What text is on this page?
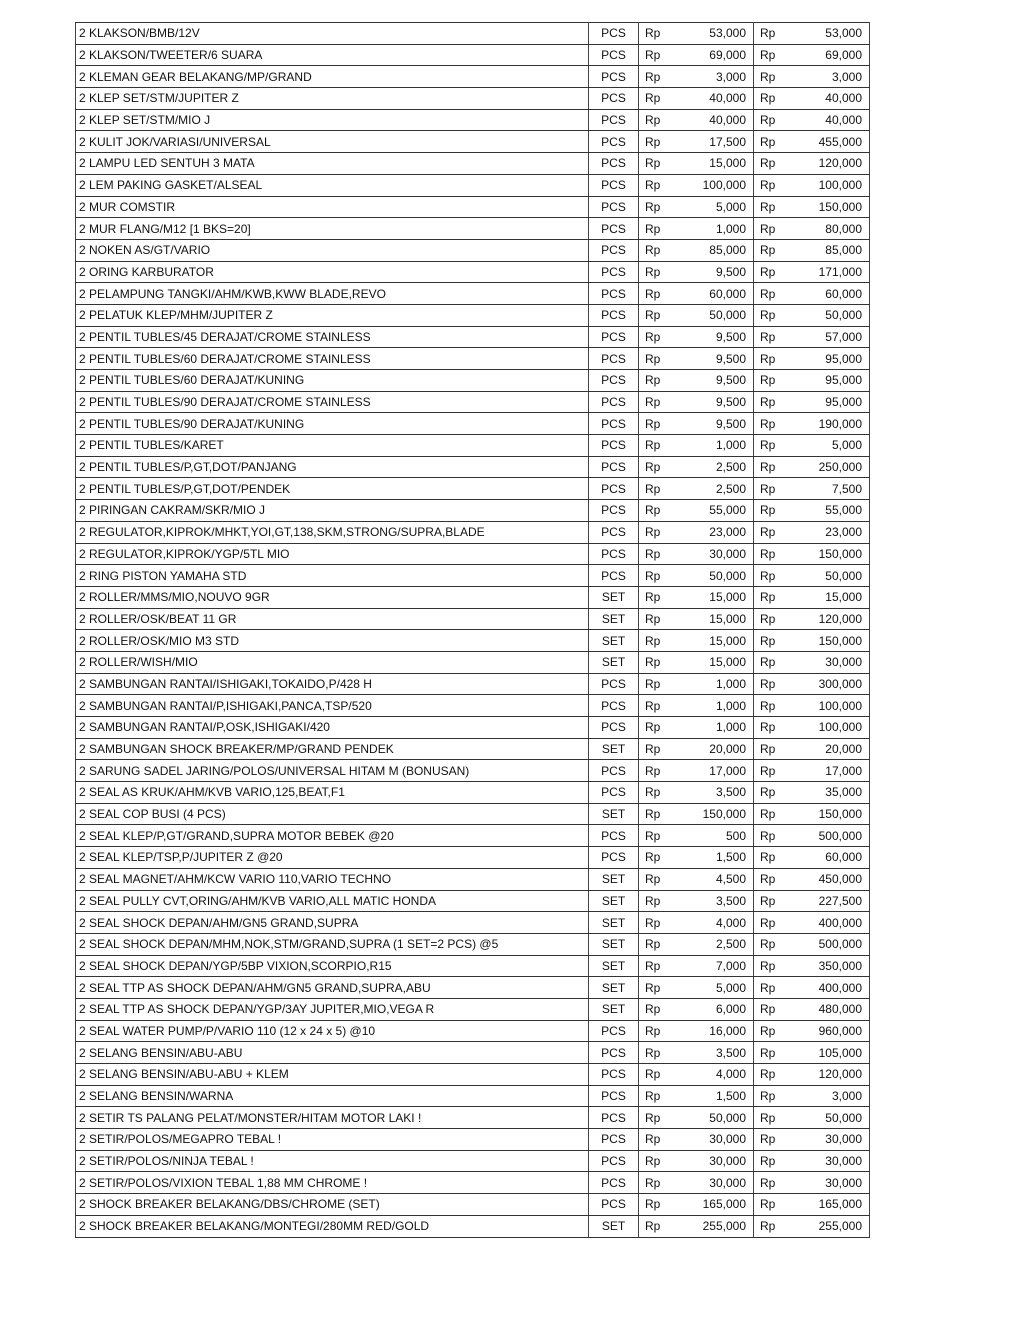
2 KLAKSON/BMB/12V	PCS	Rp	53,000	Rp	53,000
2 KLAKSON/TWEETER/6 SUARA	PCS	Rp	69,000	Rp	69,000
2 KLEMAN GEAR BELAKANG/MP/GRAND	PCS	Rp	3,000	Rp	3,000
2 KLEP SET/STM/JUPITER Z	PCS	Rp	40,000	Rp	40,000
2 KLEP SET/STM/MIO J	PCS	Rp	40,000	Rp	40,000
2 KULIT JOK/VARIASI/UNIVERSAL	PCS	Rp	17,500	Rp	455,000
2 LAMPU LED SENTUH 3 MATA	PCS	Rp	15,000	Rp	120,000
2 LEM PAKING GASKET/ALSEAL	PCS	Rp	100,000	Rp	100,000
2 MUR COMSTIR	PCS	Rp	5,000	Rp	150,000
2 MUR FLANG/M12 [1 BKS=20]	PCS	Rp	1,000	Rp	80,000
2 NOKEN AS/GT/VARIO	PCS	Rp	85,000	Rp	85,000
2 ORING KARBURATOR	PCS	Rp	9,500	Rp	171,000
2 PELAMPUNG TANGKI/AHM/KWB,KWW BLADE,REVO	PCS	Rp	60,000	Rp	60,000
2 PELATUK KLEP/MHM/JUPITER Z	PCS	Rp	50,000	Rp	50,000
2 PENTIL TUBLES/45 DERAJAT/CROME STAINLESS	PCS	Rp	9,500	Rp	57,000
2 PENTIL TUBLES/60 DERAJAT/CROME STAINLESS	PCS	Rp	9,500	Rp	95,000
2 PENTIL TUBLES/60 DERAJAT/KUNING	PCS	Rp	9,500	Rp	95,000
2 PENTIL TUBLES/90 DERAJAT/CROME STAINLESS	PCS	Rp	9,500	Rp	95,000
2 PENTIL TUBLES/90 DERAJAT/KUNING	PCS	Rp	9,500	Rp	190,000
2 PENTIL TUBLES/KARET	PCS	Rp	1,000	Rp	5,000
2 PENTIL TUBLES/P,GT,DOT/PANJANG	PCS	Rp	2,500	Rp	250,000
2 PENTIL TUBLES/P,GT,DOT/PENDEK	PCS	Rp	2,500	Rp	7,500
2 PIRINGAN CAKRAM/SKR/MIO J	PCS	Rp	55,000	Rp	55,000
2 REGULATOR,KIPROK/MHKT,YOI,GT,138,SKM,STRONG/SUPRA,BLADE	PCS	Rp	23,000	Rp	23,000
2 REGULATOR,KIPROK/YGP/5TL MIO	PCS	Rp	30,000	Rp	150,000
2 RING PISTON YAMAHA STD	PCS	Rp	50,000	Rp	50,000
2 ROLLER/MMS/MIO,NOUVO 9GR	SET	Rp	15,000	Rp	15,000
2 ROLLER/OSK/BEAT 11 GR	SET	Rp	15,000	Rp	120,000
2 ROLLER/OSK/MIO M3 STD	SET	Rp	15,000	Rp	150,000
2 ROLLER/WISH/MIO	SET	Rp	15,000	Rp	30,000
2 SAMBUNGAN RANTAI/ISHIGAKI,TOKAIDO,P/428 H	PCS	Rp	1,000	Rp	300,000
2 SAMBUNGAN RANTAI/P,ISHIGAKI,PANCA,TSP/520	PCS	Rp	1,000	Rp	100,000
2 SAMBUNGAN RANTAI/P,OSK,ISHIGAKI/420	PCS	Rp	1,000	Rp	100,000
2 SAMBUNGAN SHOCK BREAKER/MP/GRAND PENDEK	SET	Rp	20,000	Rp	20,000
2 SARUNG SADEL JARING/POLOS/UNIVERSAL HITAM M (BONUSAN)	PCS	Rp	17,000	Rp	17,000
2 SEAL AS KRUK/AHM/KVB VARIO,125,BEAT,F1	PCS	Rp	3,500	Rp	35,000
2 SEAL COP BUSI (4 PCS)	SET	Rp	150,000	Rp	150,000
2 SEAL KLEP/P,GT/GRAND,SUPRA MOTOR BEBEK @20	PCS	Rp	500	Rp	500,000
2 SEAL KLEP/TSP,P/JUPITER Z @20	PCS	Rp	1,500	Rp	60,000
2 SEAL MAGNET/AHM/KCW VARIO 110,VARIO TECHNO	SET	Rp	4,500	Rp	450,000
2 SEAL PULLY CVT,ORING/AHM/KVB VARIO,ALL MATIC HONDA	SET	Rp	3,500	Rp	227,500
2 SEAL SHOCK DEPAN/AHM/GN5 GRAND,SUPRA	SET	Rp	4,000	Rp	400,000
2 SEAL SHOCK DEPAN/MHM,NOK,STM/GRAND,SUPRA (1 SET=2 PCS) @5	SET	Rp	2,500	Rp	500,000
2 SEAL SHOCK DEPAN/YGP/5BP VIXION,SCORPIO,R15	SET	Rp	7,000	Rp	350,000
2 SEAL TTP AS SHOCK DEPAN/AHM/GN5 GRAND,SUPRA,ABU	SET	Rp	5,000	Rp	400,000
2 SEAL TTP AS SHOCK DEPAN/YGP/3AY JUPITER,MIO,VEGA R	SET	Rp	6,000	Rp	480,000
2 SEAL WATER PUMP/P/VARIO 110 (12 x 24 x 5) @10	PCS	Rp	16,000	Rp	960,000
2 SELANG BENSIN/ABU-ABU	PCS	Rp	3,500	Rp	105,000
2 SELANG BENSIN/ABU-ABU + KLEM	PCS	Rp	4,000	Rp	120,000
2 SELANG BENSIN/WARNA	PCS	Rp	1,500	Rp	3,000
2 SETIR TS PALANG PELAT/MONSTER/HITAM MOTOR LAKI !	PCS	Rp	50,000	Rp	50,000
2 SETIR/POLOS/MEGAPRO TEBAL !	PCS	Rp	30,000	Rp	30,000
2 SETIR/POLOS/NINJA TEBAL !	PCS	Rp	30,000	Rp	30,000
2 SETIR/POLOS/VIXION TEBAL 1,88 MM CHROME !	PCS	Rp	30,000	Rp	30,000
2 SHOCK BREAKER BELAKANG/DBS/CHROME (SET)	PCS	Rp	165,000	Rp	165,000
2 SHOCK BREAKER BELAKANG/MONTEGI/280MM RED/GOLD	SET	Rp	255,000	Rp	255,000
